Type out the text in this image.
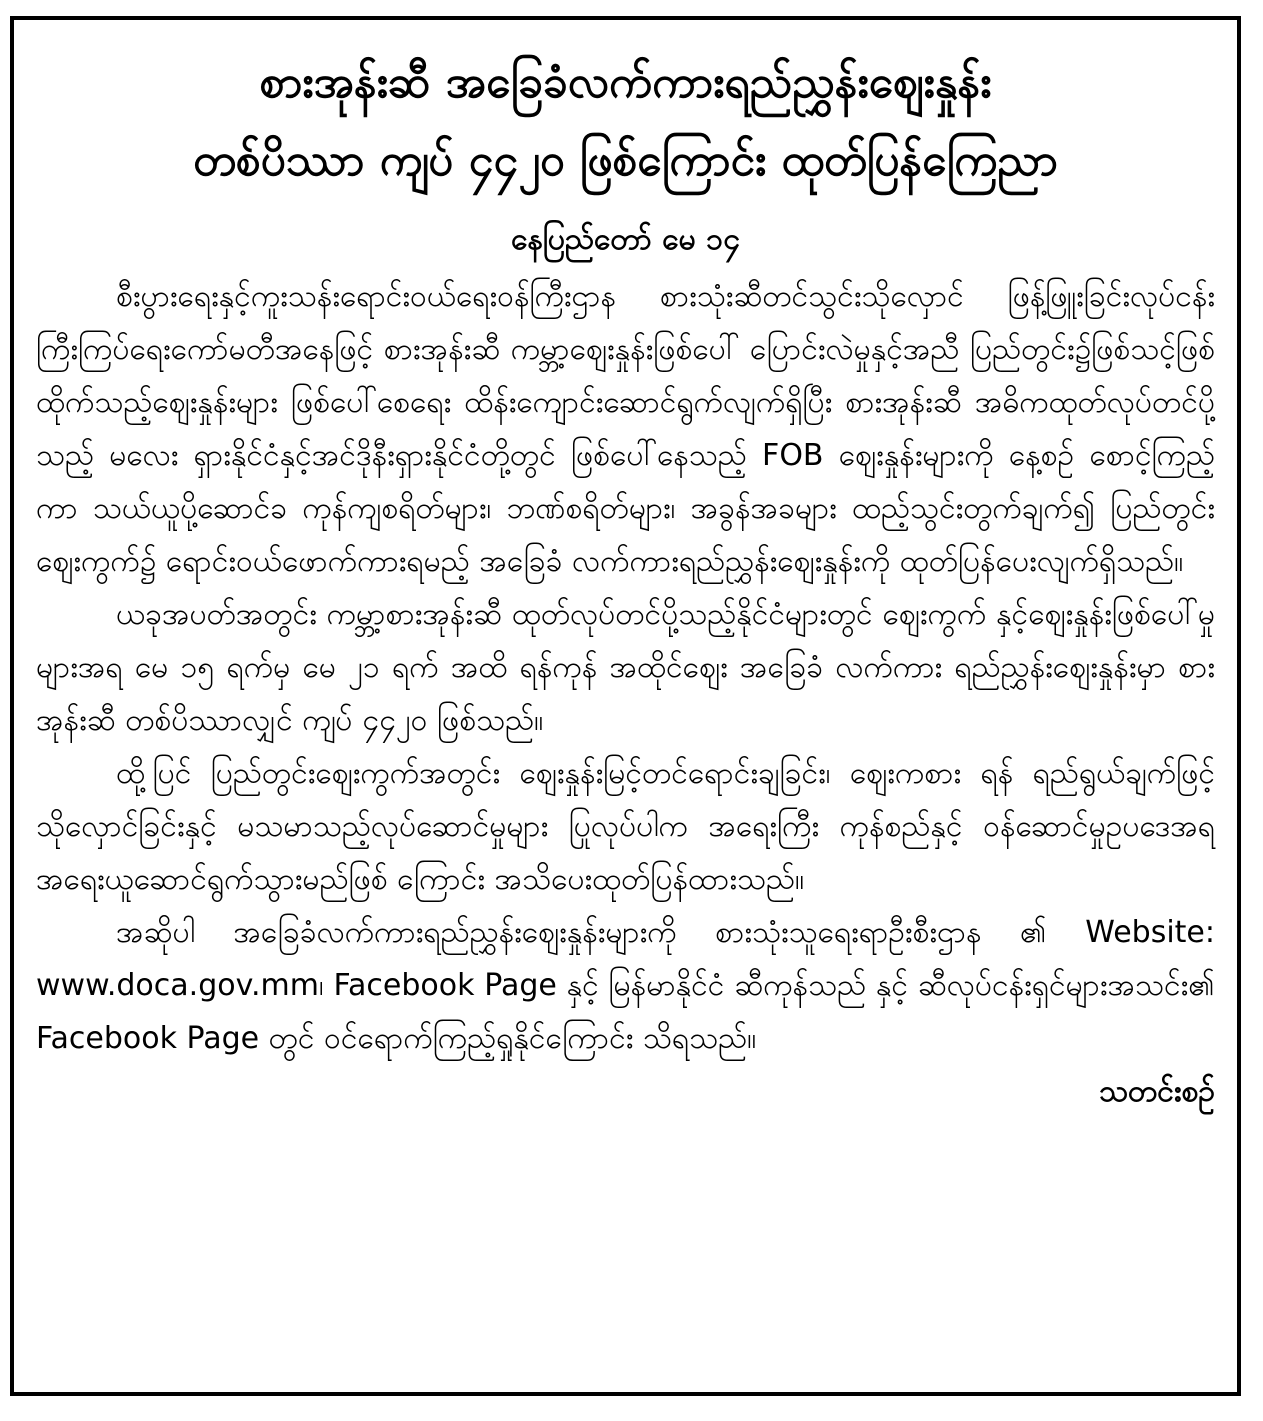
စားအုန်းဆီ အခြေခံလက်ကားရည်ညွှန်းဈေးနှုန်း
တစ်ပိဿာ ကျပ် ၄၄၂၀ ဖြစ်ကြောင်း ထုတ်ပြန်ကြေညာ
နေပြည်တော် မေ ၁၄

စီးပွားရေးနှင့်ကူးသန်းရောင်းဝယ်ရေးဝန်ကြီးဌာန စားသုံးဆီတင်သွင်းသိုလှောင် ဖြန့်ဖြူးခြင်းလုပ်ငန်းကြီးကြပ်ရေးကော်မတီအနေဖြင့် စားအုန်းဆီ ကမ္ဘာ့ဈေးနှုန်းဖြစ်ပေါ် ပြောင်းလဲမှုနှင့်အညီ ပြည်တွင်း၌ဖြစ်သင့်ဖြစ်ထိုက်သည့်ဈေးနှုန်းများ ဖြစ်ပေါ်စေရေး ထိန်းကျောင်းဆောင်ရွက်လျက်ရှိပြီး စားအုန်းဆီ အဓိကထုတ်လုပ်တင်ပို့သည့် မလေး ရှားနိုင်ငံနှင့်အင်ဒိုနီးရှားနိုင်ငံတို့တွင် ဖြစ်ပေါ်နေသည့် FOB ဈေးနှုန်းများကို နေ့စဉ် စောင့်ကြည့်ကာ သယ်ယူပို့ဆောင်ခ ကုန်ကျစရိတ်များ၊ ဘဏ်စရိတ်များ၊ အခွန်အခများ ထည့်သွင်းတွက်ချက်၍ ပြည်တွင်းဈေးကွက်၌ ရောင်းဝယ်ဖောက်ကားရမည့် အခြေခံ လက်ကားရည်ညွှန်းဈေးနှုန်းကို ထုတ်ပြန်ပေးလျက်ရှိသည်။

ယခုအပတ်အတွင်း ကမ္ဘာ့စားအုန်းဆီ ထုတ်လုပ်တင်ပို့သည့်နိုင်ငံများတွင် ဈေးကွက် နှင့်ဈေးနှုန်းဖြစ်ပေါ်မှုများအရ မေ ၁၅ ရက်မှ မေ ၂၁ ရက် အထိ ရန်ကုန် အထိုင်ဈေး အခြေခံ လက်ကား ရည်ညွှန်းဈေးနှုန်းမှာ စားအုန်းဆီ တစ်ပိဿာလျှင် ကျပ် ၄၄၂၀ ဖြစ်သည်။

ထို့ပြင် ပြည်တွင်းဈေးကွက်အတွင်း ဈေးနှုန်းမြင့်တင်ရောင်းချခြင်း၊ ဈေးကစား ရန် ရည်ရွယ်ချက်ဖြင့် သိုလှောင်ခြင်းနှင့် မသမာသည့်လုပ်ဆောင်မှုများ ပြုလုပ်ပါက အရေးကြီး ကုန်စည်နှင့် ဝန်ဆောင်မှုဥပဒေအရ အရေးယူဆောင်ရွက်သွားမည်ဖြစ် ကြောင်း အသိပေးထုတ်ပြန်ထားသည်။

အဆိုပါ အခြေခံလက်ကားရည်ညွှန်းဈေးနှုန်းများကို စားသုံးသူရေးရာဦးစီးဌာန ၏ Website: www.doca.gov.mm၊ Facebook Page နှင့် မြန်မာနိုင်ငံ ဆီကုန်သည် နှင့် ဆီလုပ်ငန်းရှင်များအသင်း၏ Facebook Page တွင် ဝင်ရောက်ကြည့်ရှုနိုင်ကြောင်း သိရသည်။

သတင်းစဉ်
